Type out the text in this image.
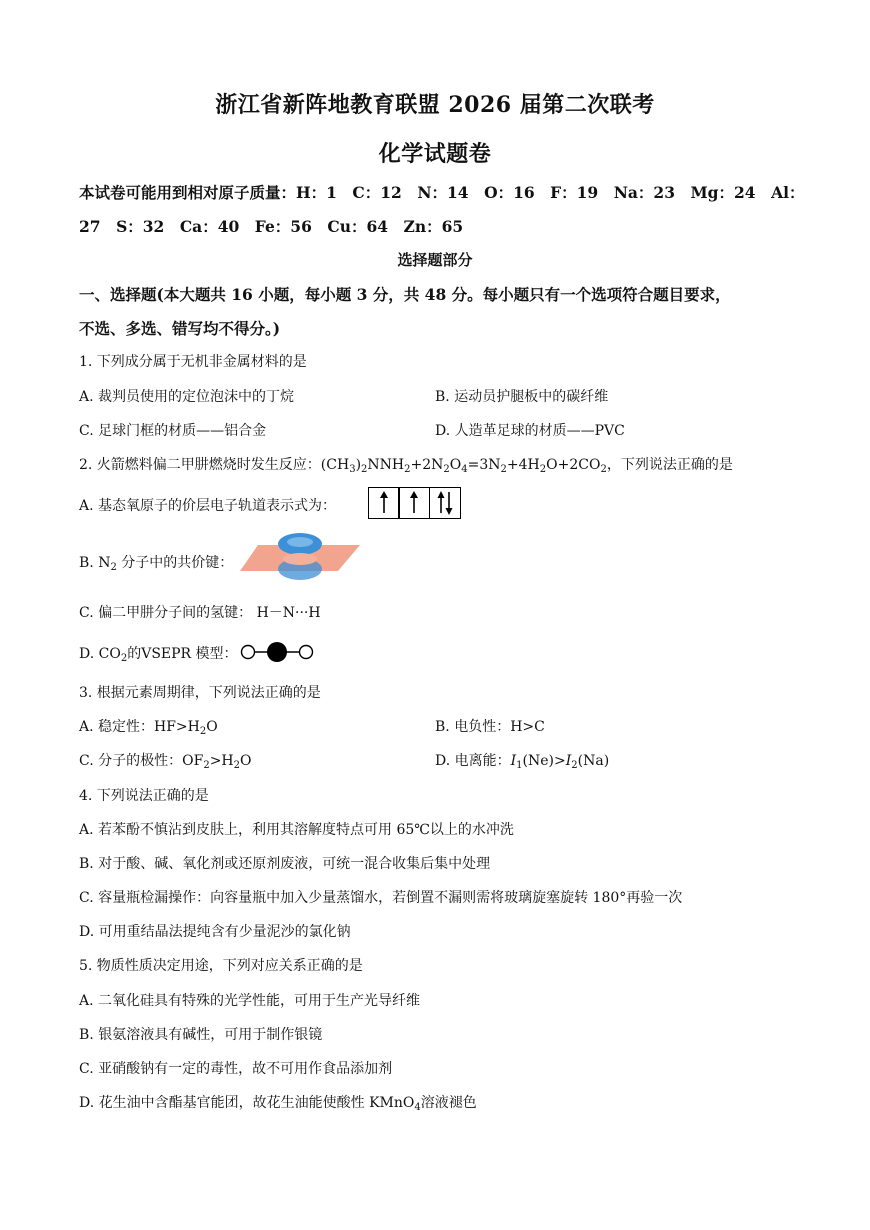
浙江省新阵地教育联盟 2026 届第二次联考
化学试题卷
本试卷可能用到相对原子质量：H：1　C：12　N：14　O：16　F：19　Na：23　Mg：24　Al：
27　S：32　Ca：40　Fe：56　Cu：64　Zn：65
选择题部分
一、选择题(本大题共 16 小题，每小题 3 分，共 48 分。每小题只有一个选项符合题目要求，
不选、多选、错写均不得分。)
1. 下列成分属于无机非金属材料的是
A. 裁判员使用的定位泡沫中的丁烷	B. 运动员护腿板中的碳纤维
C. 足球门框的材质——铝合金	D. 人造革足球的材质——PVC
2. 火箭燃料偏二甲肼燃烧时发生反应：$(CH_3)_2NNH_2+2N_2O_4=3N_2+4H_2O+2CO_2$，下列说法正确的是
A. 基态氧原子的价层电子轨道表示式为：
B. $N_2$ 分子中的共价键：
C. 偏二甲肼分子间的氢键： H－N···H
D. $CO_2$的VSEPR 模型：
3. 根据元素周期律，下列说法正确的是
A. 稳定性：$HF>H_2O$	B. 电负性：H>C
C. 分子的极性：$OF_2>H_2O$	D. 电离能：$I_1(Ne)>I_2(Na)$
4. 下列说法正确的是
A. 若苯酚不慎沾到皮肤上，利用其溶解度特点可用 65℃以上的水冲洗
B. 对于酸、碱、氧化剂或还原剂废液，可统一混合收集后集中处理
C. 容量瓶检漏操作：向容量瓶中加入少量蒸馏水，若倒置不漏则需将玻璃旋塞旋转 180°再验一次
D. 可用重结晶法提纯含有少量泥沙的氯化钠
5. 物质性质决定用途，下列对应关系正确的是
A. 二氧化硅具有特殊的光学性能，可用于生产光导纤维
B. 银氨溶液具有碱性，可用于制作银镜
C. 亚硝酸钠有一定的毒性，故不可用作食品添加剂
D. 花生油中含酯基官能团，故花生油能使酸性 KMnO$_4$溶液褪色
